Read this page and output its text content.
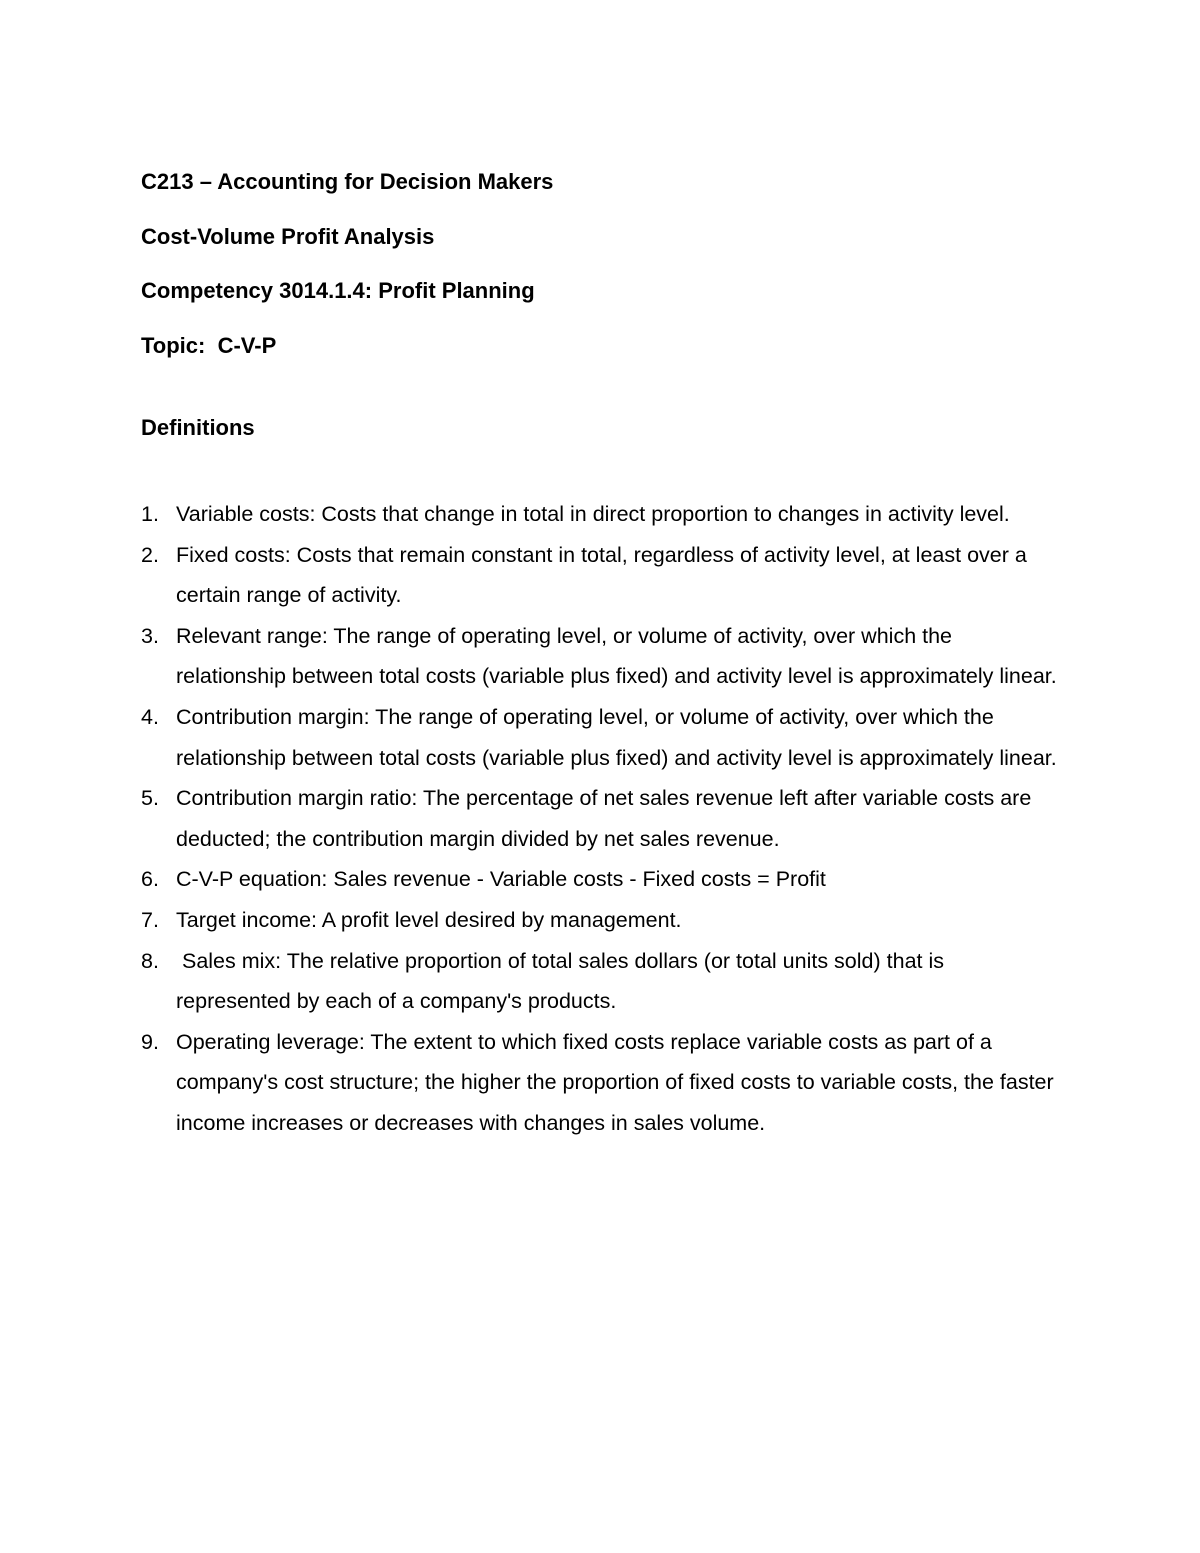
C213 – Accounting for Decision Makers
Cost-Volume Profit Analysis
Competency 3014.1.4: Profit Planning
Topic:  C-V-P
Definitions
1. Variable costs: Costs that change in total in direct proportion to changes in activity level.
2. Fixed costs: Costs that remain constant in total, regardless of activity level, at least over a certain range of activity.
3. Relevant range: The range of operating level, or volume of activity, over which the relationship between total costs (variable plus fixed) and activity level is approximately linear.
4. Contribution margin: The range of operating level, or volume of activity, over which the relationship between total costs (variable plus fixed) and activity level is approximately linear.
5. Contribution margin ratio: The percentage of net sales revenue left after variable costs are deducted; the contribution margin divided by net sales revenue.
6. C-V-P equation: Sales revenue - Variable costs - Fixed costs = Profit
7. Target income: A profit level desired by management.
8. Sales mix: The relative proportion of total sales dollars (or total units sold) that is represented by each of a company's products.
9. Operating leverage: The extent to which fixed costs replace variable costs as part of a company's cost structure; the higher the proportion of fixed costs to variable costs, the faster income increases or decreases with changes in sales volume.
